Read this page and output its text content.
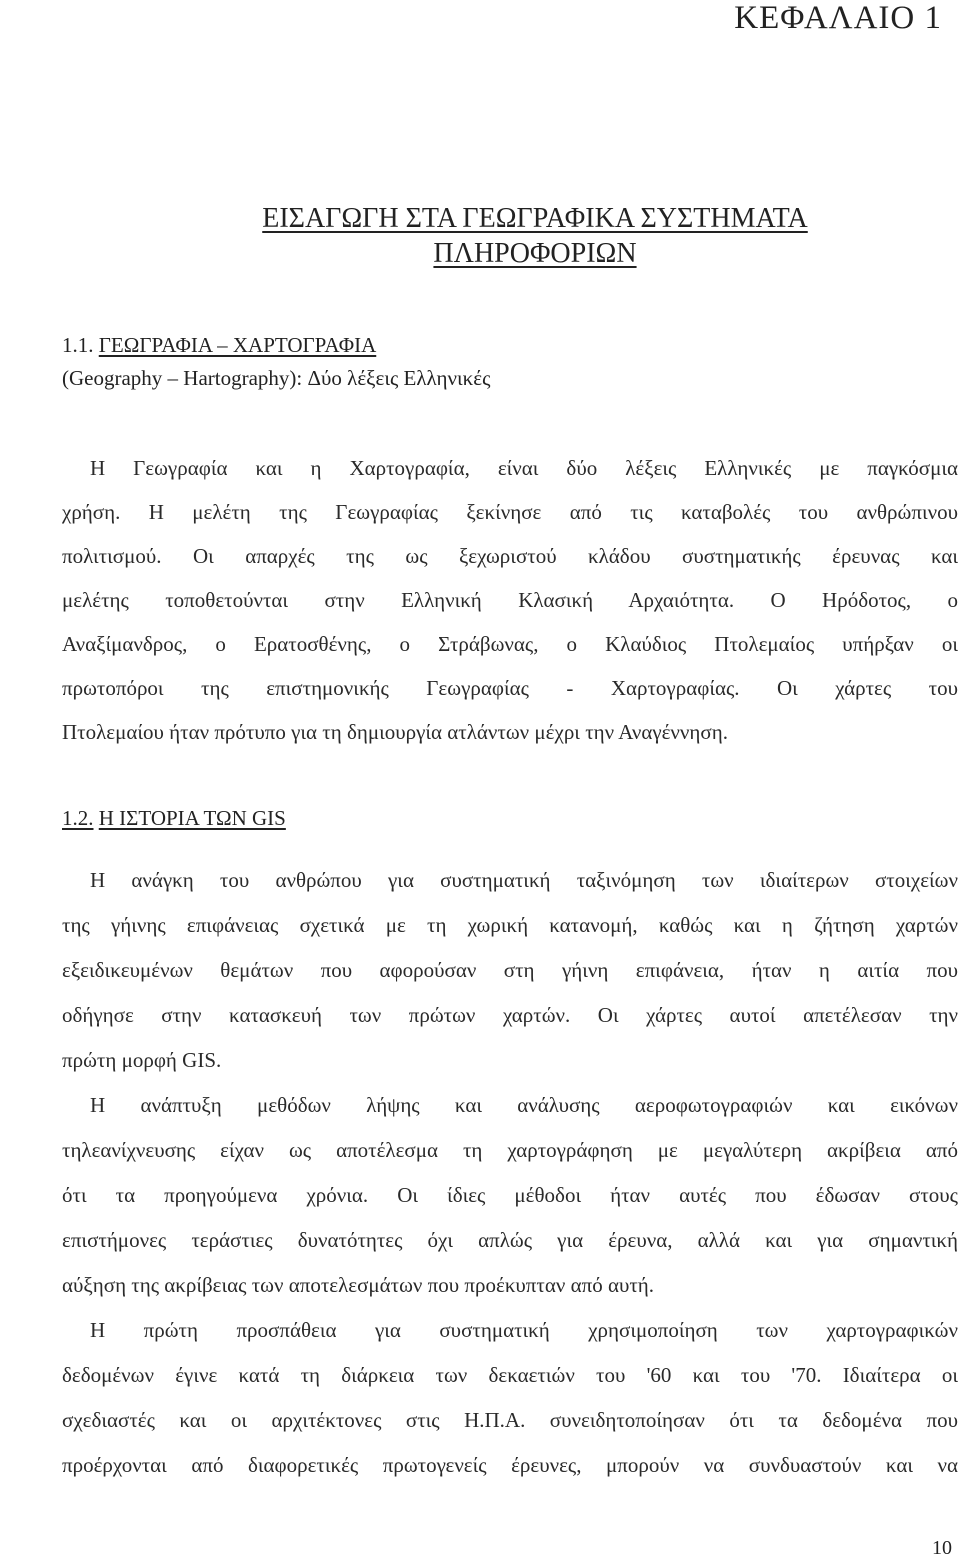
ΚΕΦΑΛΑΙΟ 1
ΕΙΣΑΓΩΓΗ ΣΤΑ ΓΕΩΓΡΑΦΙΚΑ ΣΥΣΤΗΜΑΤΑ
ΠΛΗΡΟΦΟΡΙΩΝ
1.1. ΓΕΩΓΡΑΦΙΑ – ΧΑΡΤΟΓΡΑΦΙΑ
(Geography – Hartography): Δύο λέξεις Ελληνικές
Η Γεωγραφία και η Χαρτογραφία, είναι δύο λέξεις Ελληνικές με παγκόσμια
χρήση. Η μελέτη της Γεωγραφίας ξεκίνησε από τις καταβολές του ανθρώπινου
πολιτισμού. Οι απαρχές της ως ξεχωριστού κλάδου συστηματικής έρευνας και
μελέτης τοποθετούνται στην Ελληνική Κλασική Αρχαιότητα. Ο Ηρόδοτος, ο
Αναξίμανδρος, ο Ερατοσθένης, ο Στράβωνας, ο Κλαύδιος Πτολεμαίος υπήρξαν οι
πρωτοπόροι της επιστημονικής Γεωγραφίας - Χαρτογραφίας. Οι χάρτες του
Πτολεμαίου ήταν πρότυπο για τη δημιουργία ατλάντων μέχρι την Αναγέννηση.
1.2. Η ΙΣΤΟΡΙΑ ΤΩΝ GIS
Η ανάγκη του ανθρώπου για συστηματική ταξινόμηση των ιδιαίτερων στοιχείων
της γήινης επιφάνειας σχετικά με τη χωρική κατανομή, καθώς και η ζήτηση χαρτών
εξειδικευμένων θεμάτων που αφορούσαν στη γήινη επιφάνεια, ήταν η αιτία που
οδήγησε στην κατασκευή των πρώτων χαρτών. Οι χάρτες αυτοί απετέλεσαν την
πρώτη μορφή GIS.
Η ανάπτυξη μεθόδων λήψης και ανάλυσης αεροφωτογραφιών και εικόνων
τηλεανίχνευσης είχαν ως αποτέλεσμα τη χαρτογράφηση με μεγαλύτερη ακρίβεια από
ότι τα προηγούμενα χρόνια. Οι ίδιες μέθοδοι ήταν αυτές που έδωσαν στους
επιστήμονες τεράστιες δυνατότητες όχι απλώς για έρευνα, αλλά και για σημαντική
αύξηση της ακρίβειας των αποτελεσμάτων που προέκυπταν από αυτή.
Η πρώτη προσπάθεια για συστηματική χρησιμοποίηση των χαρτογραφικών
δεδομένων έγινε κατά τη διάρκεια των δεκαετιών του '60 και του '70. Ιδιαίτερα οι
σχεδιαστές και οι αρχιτέκτονες στις Η.Π.Α. συνειδητοποίησαν ότι τα δεδομένα που
προέρχονται από διαφορετικές πρωτογενείς έρευνες, μπορούν να συνδυαστούν και να
10
